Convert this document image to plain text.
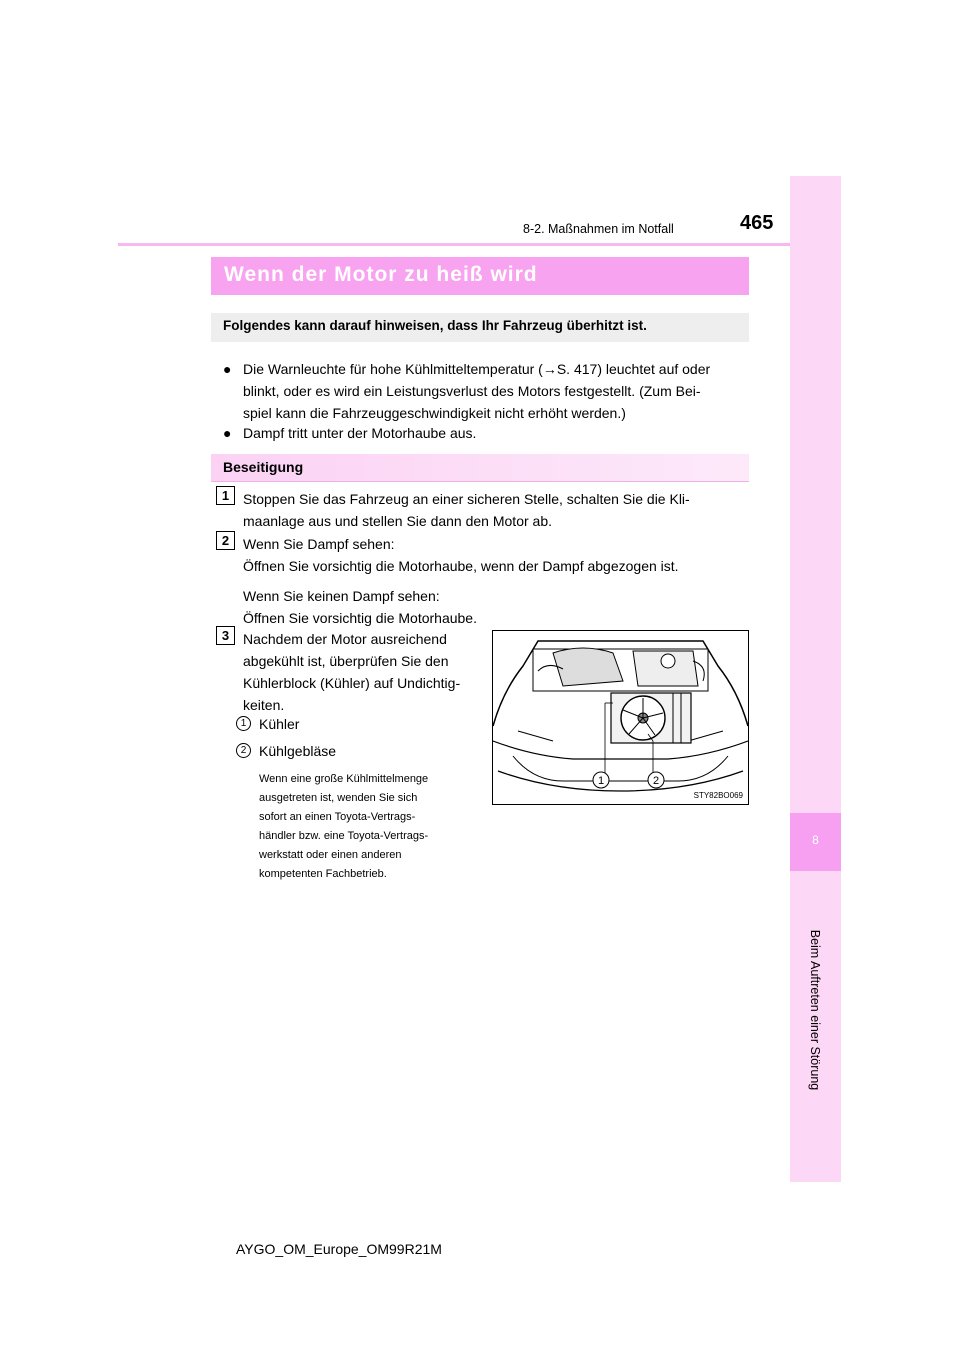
8-2. Maßnahmen im Notfall	465
8
Beim Auftreten einer Störung
Wenn der Motor zu heiß wird
Folgendes kann darauf hinweisen, dass Ihr Fahrzeug überhitzt ist.
● Die Warnleuchte für hohe Kühlmitteltemperatur (→S. 417) leuchtet auf oder
blinkt, oder es wird ein Leistungsverlust des Motors festgestellt. (Zum Bei-
spiel kann die Fahrzeuggeschwindigkeit nicht erhöht werden.)
● Dampf tritt unter der Motorhaube aus.
Beseitigung
1 Stoppen Sie das Fahrzeug an einer sicheren Stelle, schalten Sie die Kli-
maanlage aus und stellen Sie dann den Motor ab.
2 Wenn Sie Dampf sehen:
Öffnen Sie vorsichtig die Motorhaube, wenn der Dampf abgezogen ist.
Wenn Sie keinen Dampf sehen:
Öffnen Sie vorsichtig die Motorhaube.
3 Nachdem der Motor ausreichend
abgekühlt ist, überprüfen Sie den
Kühlerblock (Kühler) auf Undichtig-
keiten.
1 Kühler
2 Kühlgebläse
Wenn eine große Kühlmittelmenge
ausgetreten ist, wenden Sie sich
sofort an einen Toyota-Vertrags-
händler bzw. eine Toyota-Vertrags-
werkstatt oder einen anderen
kompetenten Fachbetrieb.
1	2
STY82BO069
AYGO_OM_Europe_OM99R21M
